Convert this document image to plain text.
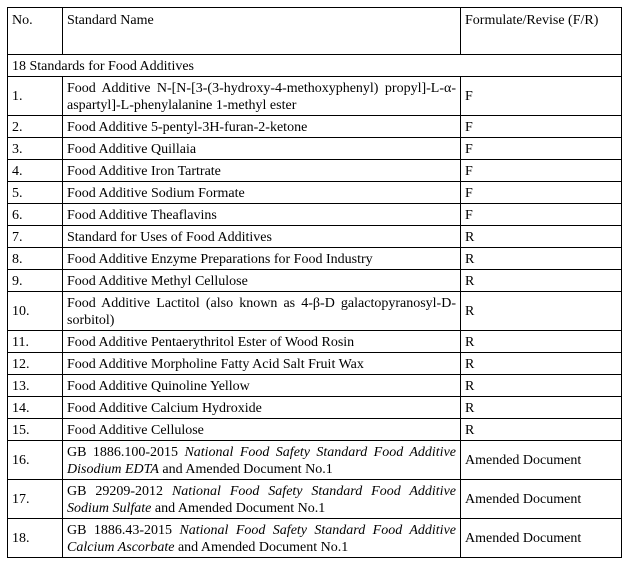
No.	Standard Name	Formulate/Revise (F/R)
18 Standards for Food Additives		
1.	Food Additive N-[N-[3-(3-hydroxy-4-methoxyphenyl) propyl]-L-α-aspartyl]-L-phenylalanine 1-methyl ester	F
2.	Food Additive 5-pentyl-3H-furan-2-ketone	F
3.	Food Additive Quillaia	F
4.	Food Additive Iron Tartrate	F
5.	Food Additive Sodium Formate	F
6.	Food Additive Theaflavins	F
7.	Standard for Uses of Food Additives	R
8.	Food Additive Enzyme Preparations for Food Industry	R
9.	Food Additive Methyl Cellulose	R
10.	Food Additive Lactitol (also known as 4-β-D galactopyranosyl-D-sorbitol)	R
11.	Food Additive Pentaerythritol Ester of Wood Rosin	R
12.	Food Additive Morpholine Fatty Acid Salt Fruit Wax	R
13.	Food Additive Quinoline Yellow	R
14.	Food Additive Calcium Hydroxide	R
15.	Food Additive Cellulose	R
16.	GB 1886.100-2015 National Food Safety Standard Food Additive Disodium EDTA and Amended Document No.1	Amended Document
17.	GB 29209-2012 National Food Safety Standard Food Additive Sodium Sulfate and Amended Document No.1	Amended Document
18.	GB 1886.43-2015 National Food Safety Standard Food Additive Calcium Ascorbate and Amended Document No.1	Amended Document
